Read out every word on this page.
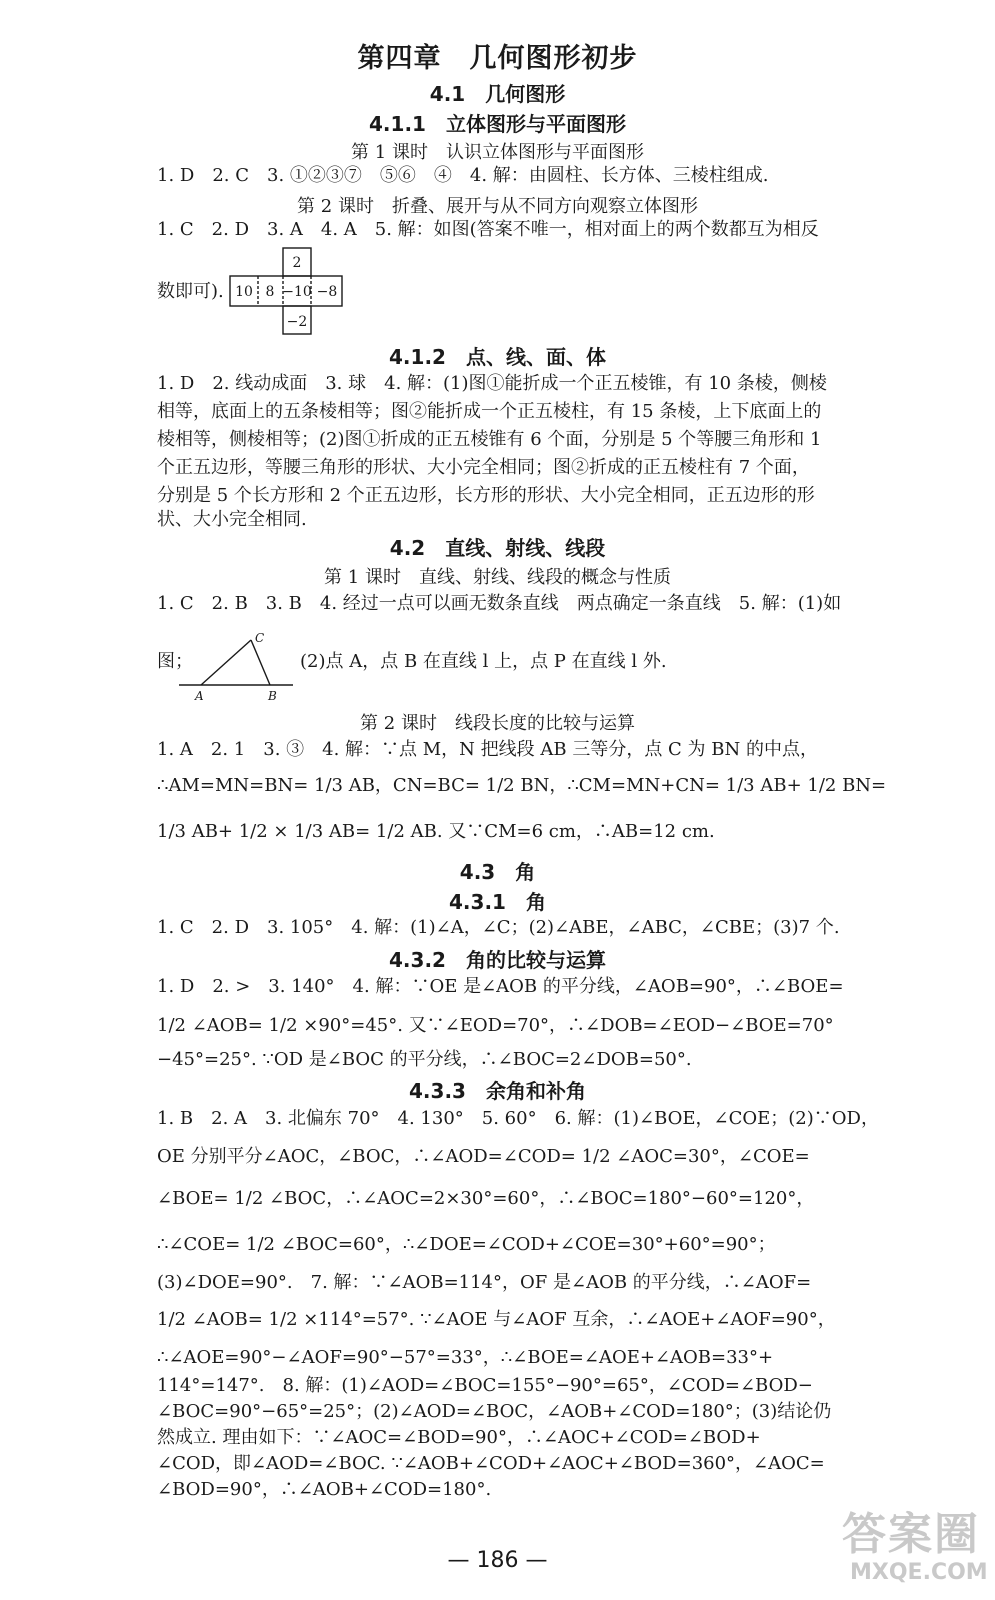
第四章　几何图形初步
4.1　几何图形
4.1.1　立体图形与平面图形
第 1 课时　认识立体图形与平面图形
1. D　2. C　3. ①②③⑦　⑤⑥　④　4. 解：由圆柱、长方体、三棱柱组成.
第 2 课时　折叠、展开与从不同方向观察立体图形
1. C　2. D　3. A　4. A　5. 解：如图(答案不唯一，相对面上的两个数都互为相反
数即可).
2
10 8 −10 −8
−2
4.1.2　点、线、面、体
1. D　2. 线动成面　3. 球　4. 解：(1)图①能折成一个正五棱锥，有 10 条棱，侧棱
相等，底面上的五条棱相等；图②能折成一个正五棱柱，有 15 条棱，上下底面上的
棱相等，侧棱相等；(2)图①折成的正五棱锥有 6 个面，分别是 5 个等腰三角形和 1
个正五边形，等腰三角形的形状、大小完全相同；图②折成的正五棱柱有 7 个面，
分别是 5 个长方形和 2 个正五边形，长方形的形状、大小完全相同，正五边形的形
状、大小完全相同.
4.2　直线、射线、线段
第 1 课时　直线、射线、线段的概念与性质
1. C　2. B　3. B　4. 经过一点可以画无数条直线　两点确定一条直线　5. 解：(1)如
图；	(2)点 A，点 B 在直线 l 上，点 P 在直线 l 外.
C
A	B
第 2 课时　线段长度的比较与运算
1. A　2. 1　3. ③　4. 解：∵点 M，N 把线段 AB 三等分，点 C 为 BN 的中点，
∴AM=MN=BN= 1/3 AB，CN=BC= 1/2 BN，∴CM=MN+CN= 1/3 AB+ 1/2 BN=
1/3 AB+ 1/2 × 1/3 AB= 1/2 AB. 又∵CM=6 cm，∴AB=12 cm.
4.3　角
4.3.1　角
1. C　2. D　3. 105°　4. 解：(1)∠A，∠C；(2)∠ABE，∠ABC，∠CBE；(3)7 个.
4.3.2　角的比较与运算
1. D　2. >　3. 140°　4. 解：∵OE 是∠AOB 的平分线，∠AOB=90°，∴∠BOE=
1/2 ∠AOB= 1/2 ×90°=45°. 又∵∠EOD=70°，∴∠DOB=∠EOD−∠BOE=70°
−45°=25°. ∵OD 是∠BOC 的平分线，∴∠BOC=2∠DOB=50°.
4.3.3　余角和补角
1. B　2. A　3. 北偏东 70°　4. 130°　5. 60°　6. 解：(1)∠BOE，∠COE；(2)∵OD，
OE 分别平分∠AOC，∠BOC，∴∠AOD=∠COD= 1/2 ∠AOC=30°，∠COE=
∠BOE= 1/2 ∠BOC，∴∠AOC=2×30°=60°，∴∠BOC=180°−60°=120°，
∴∠COE= 1/2 ∠BOC=60°，∴∠DOE=∠COD+∠COE=30°+60°=90°；
(3)∠DOE=90°.　7. 解：∵∠AOB=114°，OF 是∠AOB 的平分线，∴∠AOF=
1/2 ∠AOB= 1/2 ×114°=57°. ∵∠AOE 与∠AOF 互余，∴∠AOE+∠AOF=90°，
∴∠AOE=90°−∠AOF=90°−57°=33°，∴∠BOE=∠AOE+∠AOB=33°+
114°=147°.　8. 解：(1)∠AOD=∠BOC=155°−90°=65°，∠COD=∠BOD−
∠BOC=90°−65°=25°；(2)∠AOD=∠BOC，∠AOB+∠COD=180°；(3)结论仍
然成立. 理由如下：∵∠AOC=∠BOD=90°，∴∠AOC+∠COD=∠BOD+
∠COD，即∠AOD=∠BOC. ∵∠AOB+∠COD+∠AOC+∠BOD=360°，∠AOC=
∠BOD=90°，∴∠AOB+∠COD=180°.
— 186 —
答案圈
MXQE.COM
